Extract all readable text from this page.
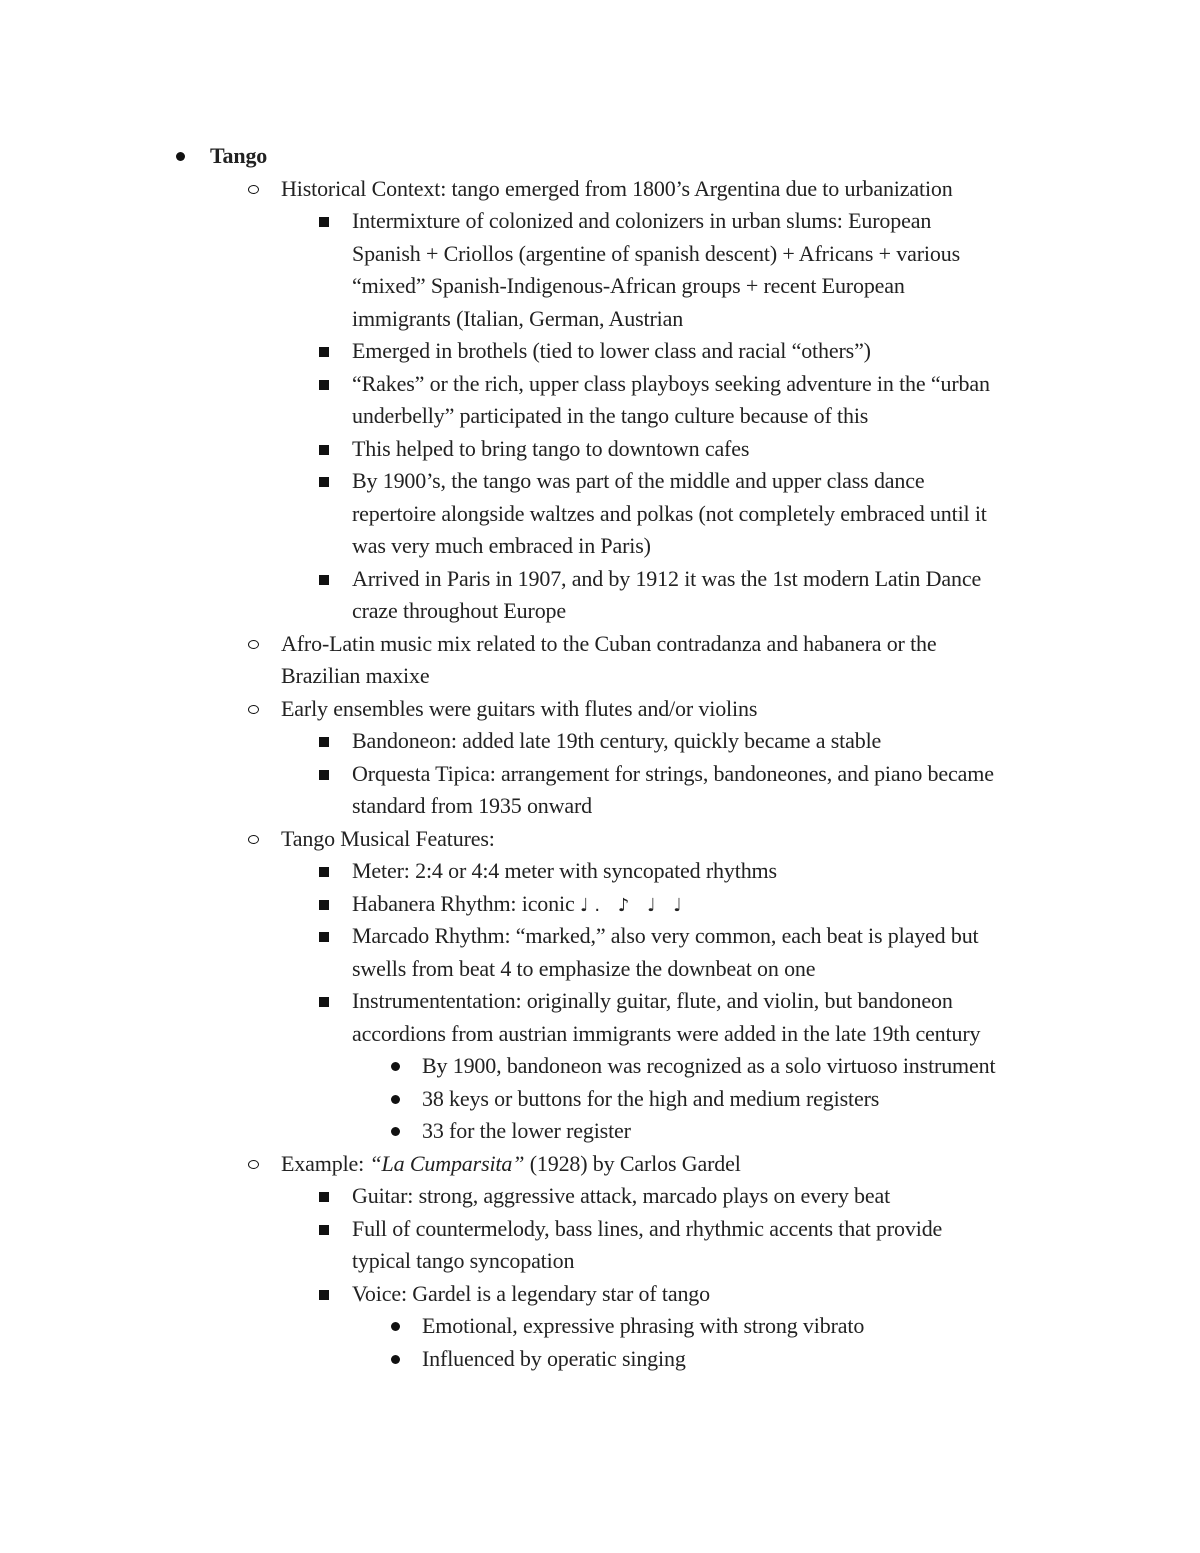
Tango
Historical Context: tango emerged from 1800’s Argentina due to urbanization
Intermixture of colonized and colonizers in urban slums: European
Spanish + Criollos (argentine of spanish descent) + Africans + various
“mixed” Spanish-Indigenous-African groups + recent European
immigrants (Italian, German, Austrian
Emerged in brothels (tied to lower class and racial “others”)
“Rakes” or the rich, upper class playboys seeking adventure in the “urban
underbelly” participated in the tango culture because of this
This helped to bring tango to downtown cafes
By 1900’s, the tango was part of the middle and upper class dance
repertoire alongside waltzes and polkas (not completely embraced until it
was very much embraced in Paris)
Arrived in Paris in 1907, and by 1912 it was the 1st modern Latin Dance
craze throughout Europe
Afro-Latin music mix related to the Cuban contradanza and habanera or the
Brazilian maxixe
Early ensembles were guitars with flutes and/or violins
Bandoneon: added late 19th century, quickly became a stable
Orquesta Tipica: arrangement for strings, bandoneones, and piano became
standard from 1935 onward
Tango Musical Features:
Meter: 2:4 or 4:4 meter with syncopated rhythms
Habanera Rhythm: iconic ♩. ♪ ♩ ♩
Marcado Rhythm: “marked,” also very common, each beat is played but
swells from beat 4 to emphasize the downbeat on one
Instrumententation: originally guitar, flute, and violin, but bandoneon
accordions from austrian immigrants were added in the late 19th century
By 1900, bandoneon was recognized as a solo virtuoso instrument
38 keys or buttons for the high and medium registers
33 for the lower register
Example: “La Cumparsita” (1928) by Carlos Gardel
Guitar: strong, aggressive attack, marcado plays on every beat
Full of countermelody, bass lines, and rhythmic accents that provide
typical tango syncopation
Voice: Gardel is a legendary star of tango
Emotional, expressive phrasing with strong vibrato
Influenced by operatic singing
